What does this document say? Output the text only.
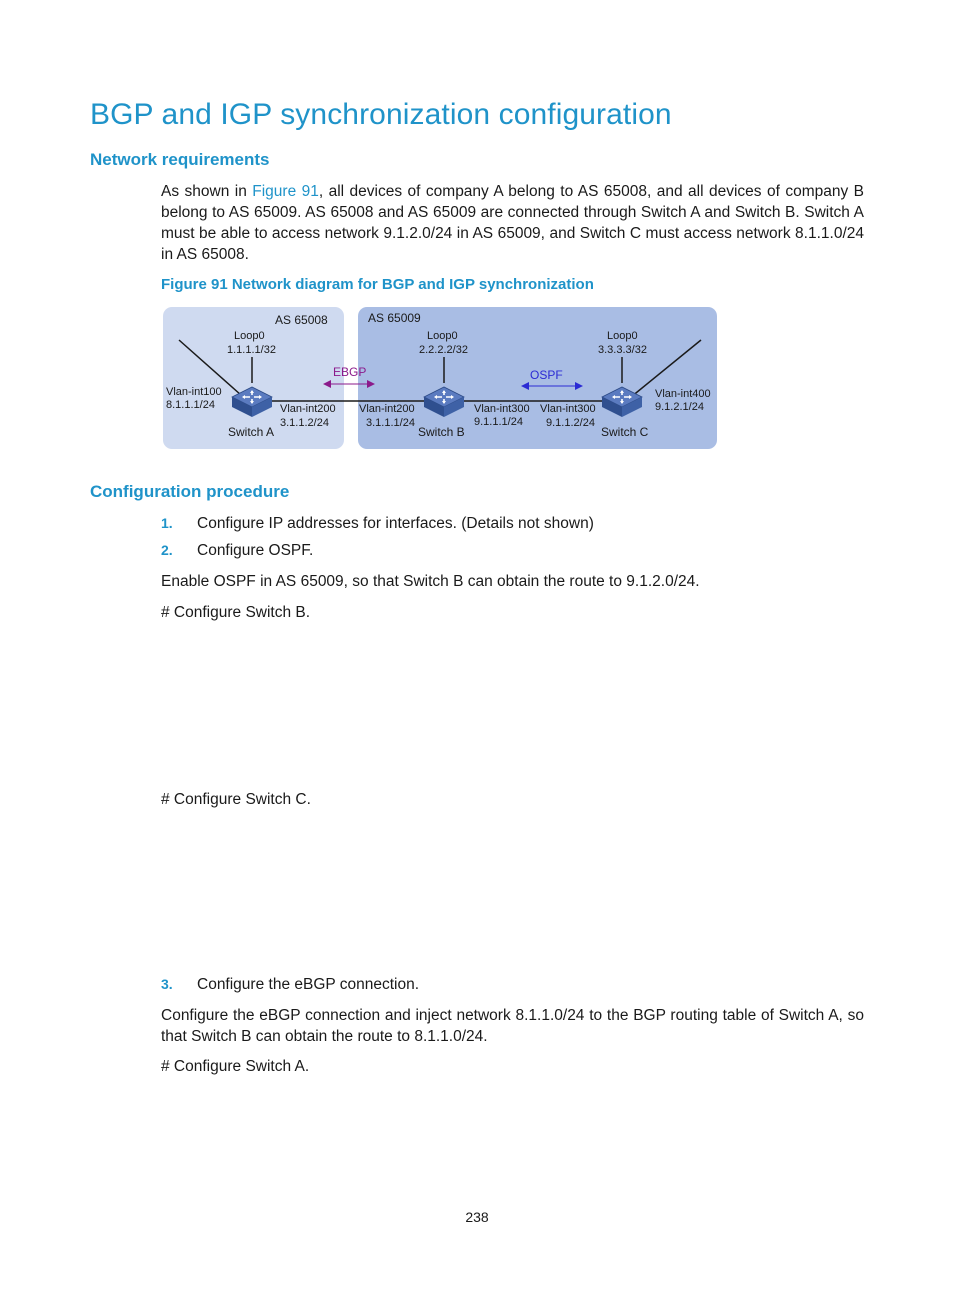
BGP and IGP synchronization configuration
Network requirements
As shown in Figure 91, all devices of company A belong to AS 65008, and all devices of company B belong to AS 65009. AS 65008 and AS 65009 are connected through Switch A and Switch B. Switch A must be able to access network 9.1.2.0/24 in AS 65009, and Switch C must access network 8.1.1.0/24 in AS 65008.
Figure 91 Network diagram for BGP and IGP synchronization
AS 65008	AS 65009
EBGP	OSPF
Loop0
1.1.1.1/32
Vlan-int100
8.1.1.1/24	Vlan-int200
3.1.1.2/24
Switch A
Loop0
2.2.2.2/32
Vlan-int200
3.1.1.1/24
Vlan-int300
9.1.1.1/24
Switch B
Loop0
3.3.3.3/32
Vlan-int300
9.1.1.2/24
Vlan-int400
9.1.2.1/24
Switch C
Configuration procedure
1. Configure IP addresses for interfaces. (Details not shown)
2. Configure OSPF.
Enable OSPF in AS 65009, so that Switch B can obtain the route to 9.1.2.0/24.
# Configure Switch B.
# Configure Switch C.
3. Configure the eBGP connection.
Configure the eBGP connection and inject network 8.1.1.0/24 to the BGP routing table of Switch A, so that Switch B can obtain the route to 8.1.1.0/24.
# Configure Switch A.
238
